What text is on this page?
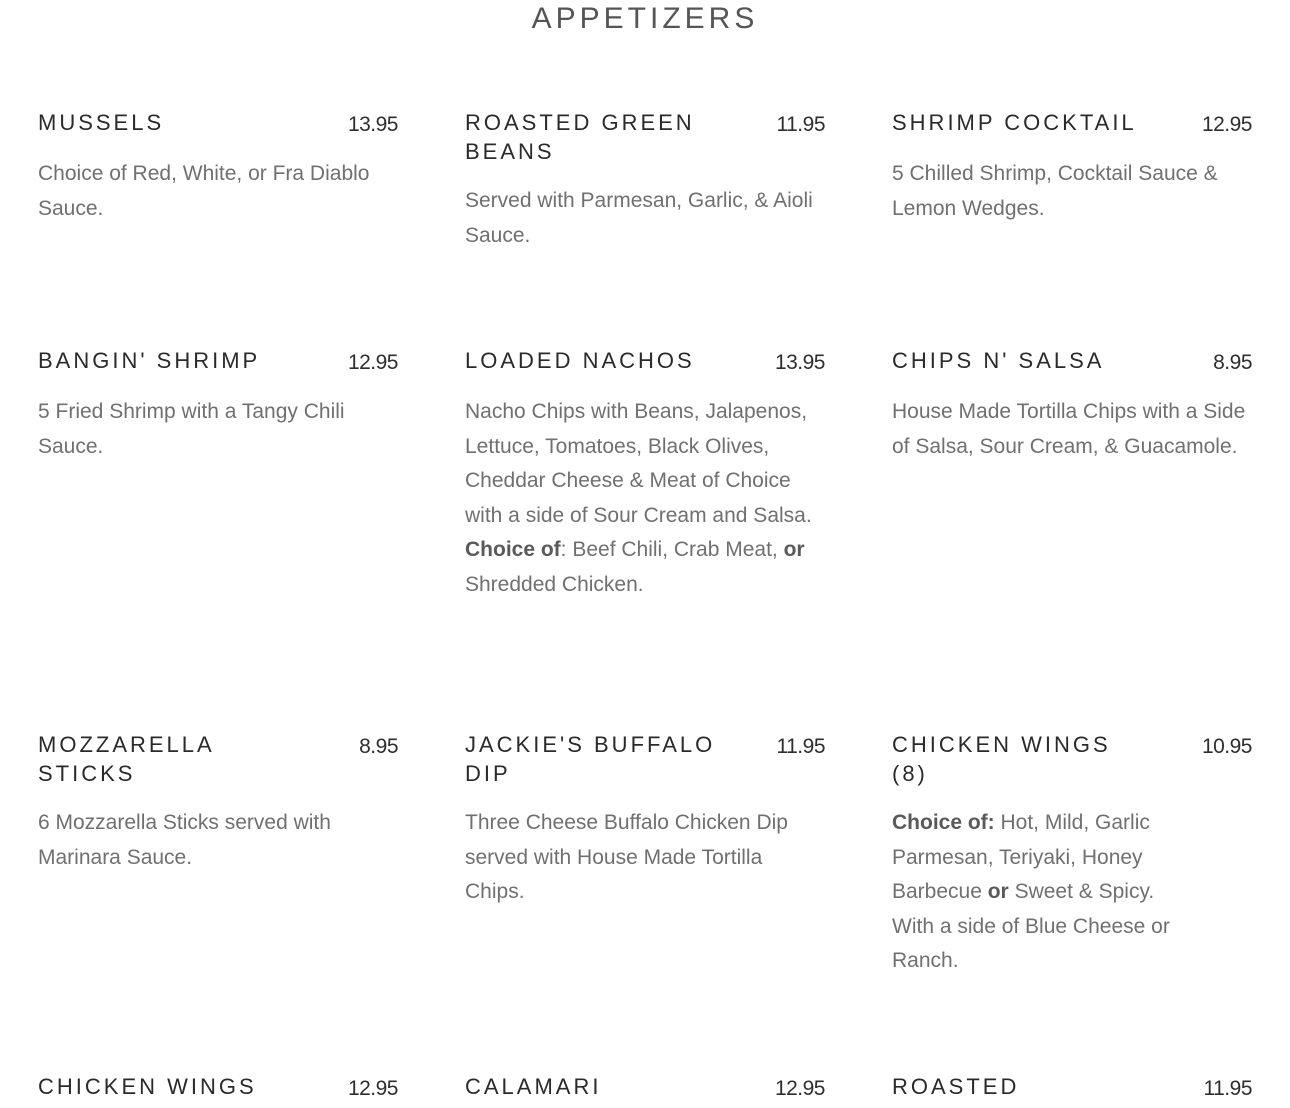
APPETIZERS
MUSSELS	13.95
Choice of Red, White, or Fra Diablo Sauce.
ROASTED GREEN BEANS
11.95
Served with Parmesan, Garlic, & Aioli Sauce.
SHRIMP COCKTAIL	12.95
5 Chilled Shrimp, Cocktail Sauce & Lemon Wedges.
BANGIN' SHRIMP	12.95
5 Fried Shrimp with a Tangy Chili Sauce.
LOADED NACHOS	13.95
Nacho Chips with Beans, Jalapenos, Lettuce, Tomatoes, Black Olives, Cheddar Cheese & Meat of Choice with a side of Sour Cream and Salsa.
Choice of: Beef Chili, Crab Meat, or Shredded Chicken.
CHIPS N' SALSA	8.95
House Made Tortilla Chips with a Side of Salsa, Sour Cream, & Guacamole.
MOZZARELLA STICKS
8.95
6 Mozzarella Sticks served with Marinara Sauce.
JACKIE'S BUFFALO DIP
11.95
Three Cheese Buffalo Chicken Dip served with House Made Tortilla Chips.
CHICKEN WINGS (8)
10.95
Choice of: Hot, Mild, Garlic Parmesan, Teriyaki, Honey Barbecue or Sweet & Spicy. With a side of Blue Cheese or Ranch.
CHICKEN WINGS	12.95	CALAMARI	12.95	ROASTED	11.95
